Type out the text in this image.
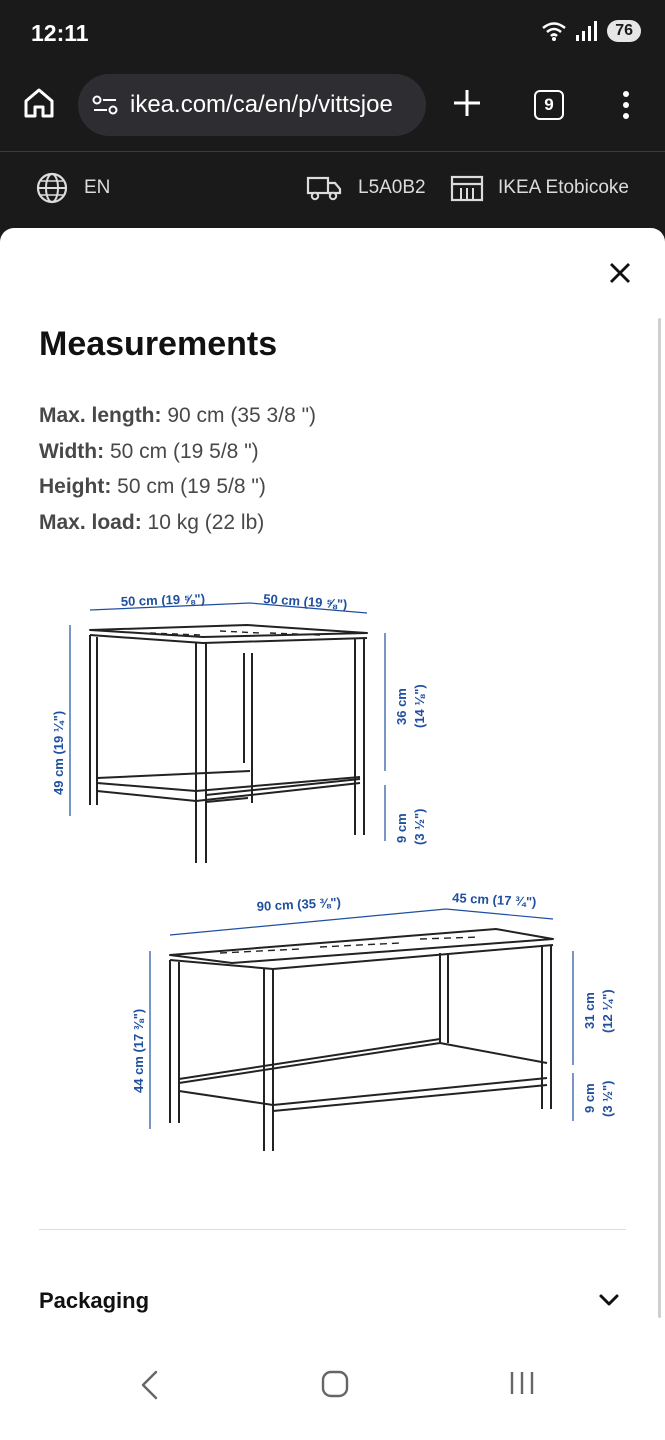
12:11	76
ikea.com/ca/en/p/vittsjoe	9
EN	L5A0B2	IKEA Etobicoke
Measurements
Max. length: 90 cm (35 3/8 ")
Width: 50 cm (19 5/8 ")
Height: 50 cm (19 5/8 ")
Max. load: 10 kg (22 lb)
50 cm (19 ⅝")	50 cm (19 ⅝")
49 cm (19 ¼")
36 cm (14 ⅛")
9 cm (3 ½")
90 cm (35 ⅜")	45 cm (17 ¾")
44 cm (17 ⅜")	31 cm (12 ¼")
9 cm (3 ½")
Packaging
